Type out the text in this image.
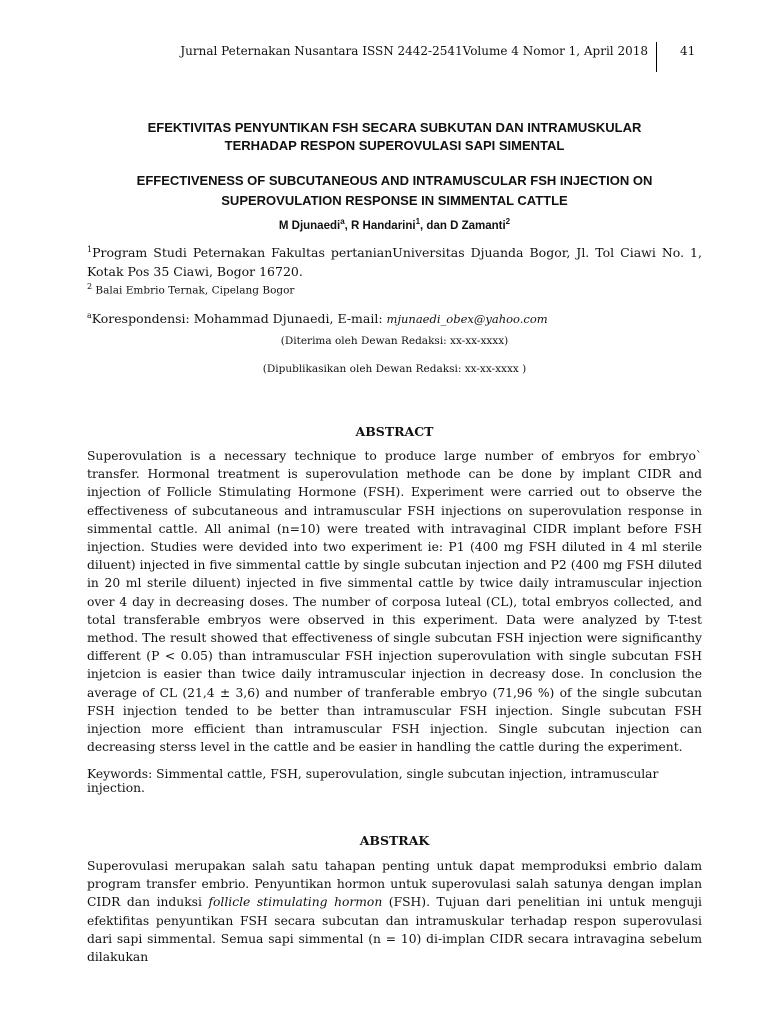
Jurnal Peternakan Nusantara ISSN 2442-2541Volume 4 Nomor 1, April 2018	41
EFEKTIVITAS PENYUNTIKAN FSH SECARA SUBKUTAN DAN INTRAMUSKULAR
TERHADAP RESPON SUPEROVULASI SAPI SIMENTAL
EFFECTIVENESS OF SUBCUTANEOUS AND INTRAMUSCULAR FSH INJECTION ON
SUPEROVULATION RESPONSE IN SIMMENTAL CATTLE
M Djunaedi$^a$, R Handarini$^1$, dan D Zamanti$^2$
$^1$Program Studi Peternakan Fakultas pertanianUniversitas Djuanda Bogor, Jl. Tol Ciawi No. 1, Kotak Pos 35 Ciawi, Bogor 16720.
$^2$ Balai Embrio Ternak, Cipelang Bogor
$^a$Korespondensi: Mohammad Djunaedi, E-mail: mjunaedi_obex@yahoo.com
(Diterima oleh Dewan Redaksi: xx-xx-xxxx)
(Dipublikasikan oleh Dewan Redaksi: xx-xx-xxxx )
ABSTRACT
Superovulation is a necessary technique to produce large number of embryos for embryo` transfer. Hormonal treatment is superovulation methode can be done by implant CIDR and injection of Follicle Stimulating Hormone (FSH). Experiment were carried out to observe the effectiveness of subcutaneous and intramuscular FSH injections on superovulation response in simmental cattle. All animal (n=10) were treated with intravaginal CIDR implant before FSH injection. Studies were devided into two experiment ie: P1 (400 mg FSH diluted in 4 ml sterile diluent) injected in five simmental cattle by single subcutan injection and P2 (400 mg FSH diluted in 20 ml sterile diluent) injected in five simmental cattle by twice daily intramuscular injection over 4 day in decreasing doses. The number of corposa luteal (CL), total embryos collected, and total transferable embryos were observed in this experiment. Data were analyzed by T-test method. The result showed that effectiveness of single subcutan FSH injection were significanthy different (P < 0.05) than intramuscular FSH injection superovulation with single subcutan FSH injetcion is easier than twice daily intramuscular injection in decreasy dose. In conclusion the average of CL (21,4 ± 3,6) and number of tranferable embryo (71,96 %) of the single subcutan FSH injection tended to be better than intramuscular FSH injection. Single subcutan FSH injection more efficient than intramuscular FSH injection. Single subcutan injection can decreasing sterss level in the cattle and be easier in handling the cattle during the experiment.
Keywords: Simmental cattle, FSH, superovulation, single subcutan injection, intramuscular injection.
ABSTRAK
Superovulasi merupakan salah satu tahapan penting untuk dapat memproduksi embrio dalam program transfer embrio. Penyuntikan hormon untuk superovulasi salah satunya dengan implan CIDR dan induksi follicle stimulating hormon (FSH). Tujuan dari penelitian ini untuk menguji efektifitas penyuntikan FSH secara subcutan dan intramuskular terhadap respon superovulasi dari sapi simmental. Semua sapi simmental (n = 10) di-implan CIDR secara intravagina sebelum dilakukan
